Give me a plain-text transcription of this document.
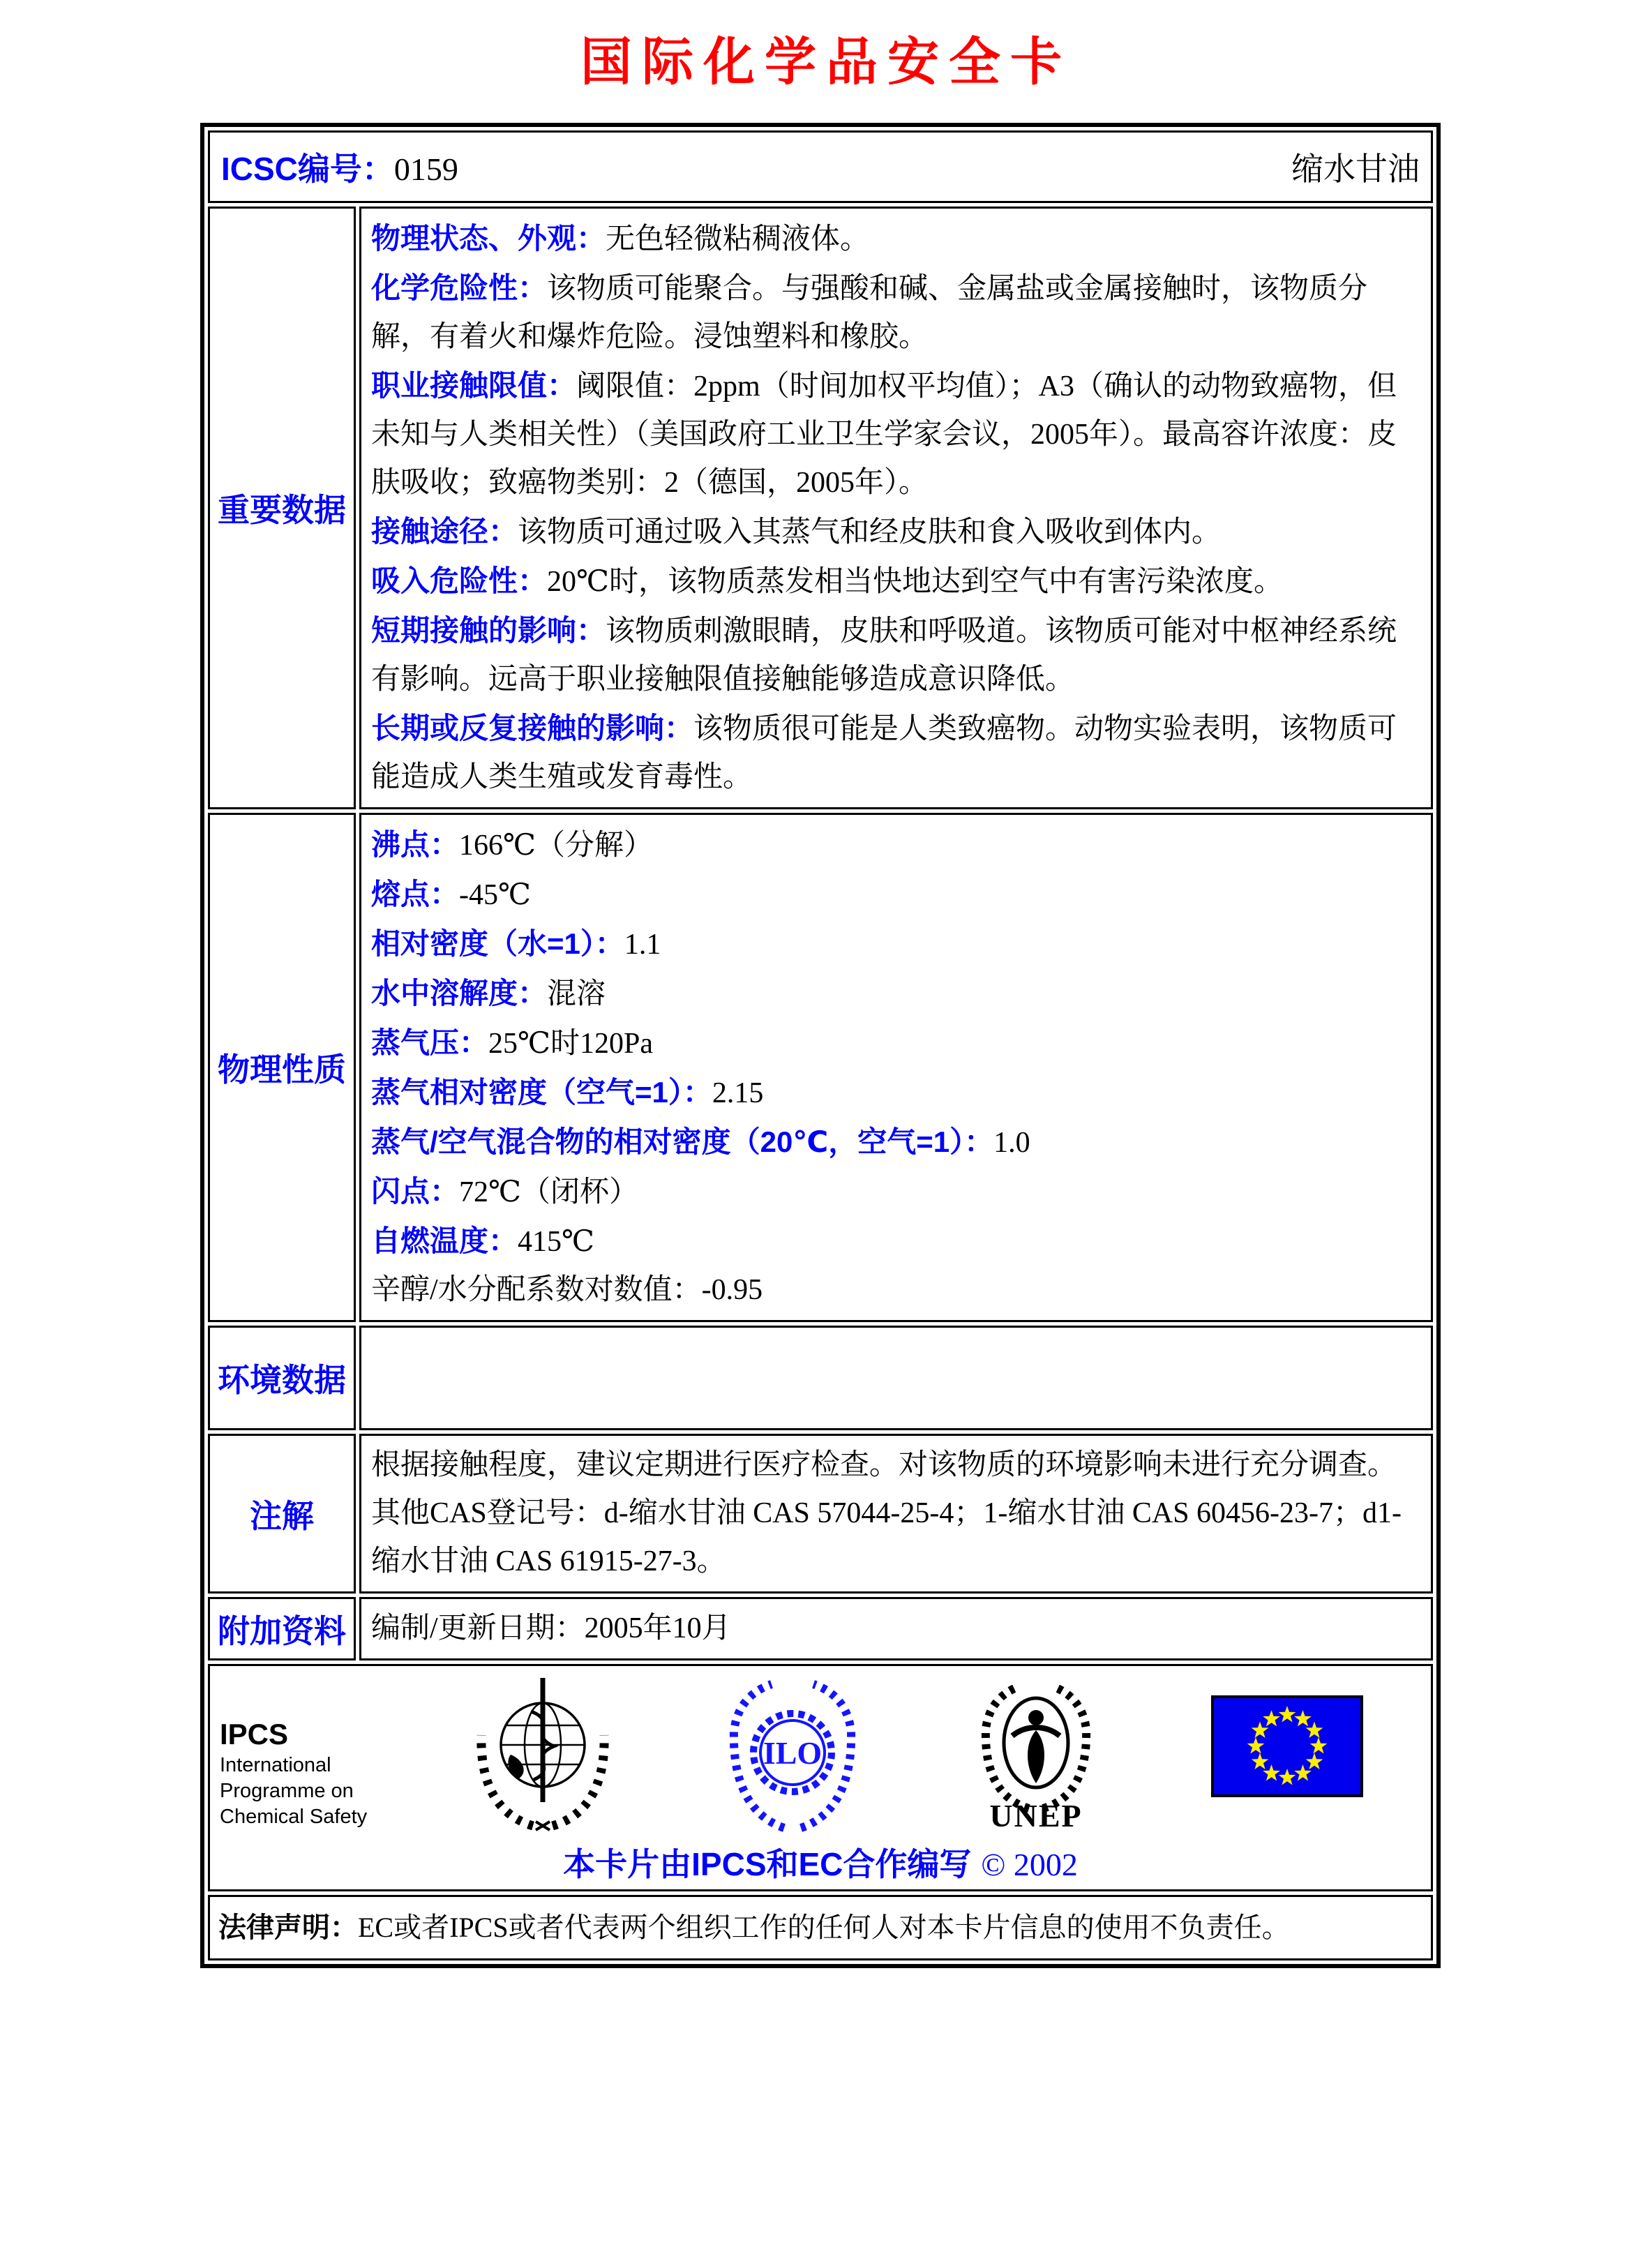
国际化学品安全卡
ICSC编号：0159 缩水甘油	

重要数据	
物理状态、外观：无色轻微粘稠液体。
化学危险性：该物质可能聚合。与强酸和碱、金属盐或金属接触时，该物质分解，有着火和爆炸危险。浸蚀塑料和橡胶。
职业接触限值：阈限值：2ppm（时间加权平均值）；A3（确认的动物致癌物，但未知与人类相关性）（美国政府工业卫生学家会议，2005年）。最高容许浓度：皮肤吸收；致癌物类别：2（德国，2005年）。
接触途径：该物质可通过吸入其蒸气和经皮肤和食入吸收到体内。
吸入危险性：20℃时，该物质蒸发相当快地达到空气中有害污染浓度。
短期接触的影响：该物质刺激眼睛，皮肤和呼吸道。该物质可能对中枢神经系统有影响。远高于职业接触限值接触能够造成意识降低。
长期或反复接触的影响：该物质很可能是人类致癌物。动物实验表明，该物质可能造成人类生殖或发育毒性。

物理性质	
沸点：166℃（分解）
熔点：-45℃
相对密度（水=1）：1.1
水中溶解度：混溶
蒸气压：25℃时120Pa
蒸气相对密度（空气=1）：2.15
蒸气/空气混合物的相对密度（20℃，空气=1）：1.0
闪点：72℃（闭杯）
自燃温度：415℃
辛醇/水分配系数对数值：-0.95

环境数据	
注解	根据接触程度，建议定期进行医疗检查。对该物质的环境影响未进行充分调查。其他CAS登记号：d-缩水甘油 CAS 57044-25-4；1-缩水甘油 CAS 60456-23-7；d1-缩水甘油 CAS 61915-27-3。
附加资料	编制/更新日期：2005年10月

IPCS
International
Programme on
Chemical Safety
ILO
UNEP
本卡片由IPCS和EC合作编写 © 2002

法律声明：EC或者IPCS或者代表两个组织工作的任何人对本卡片信息的使用不负责任。	
